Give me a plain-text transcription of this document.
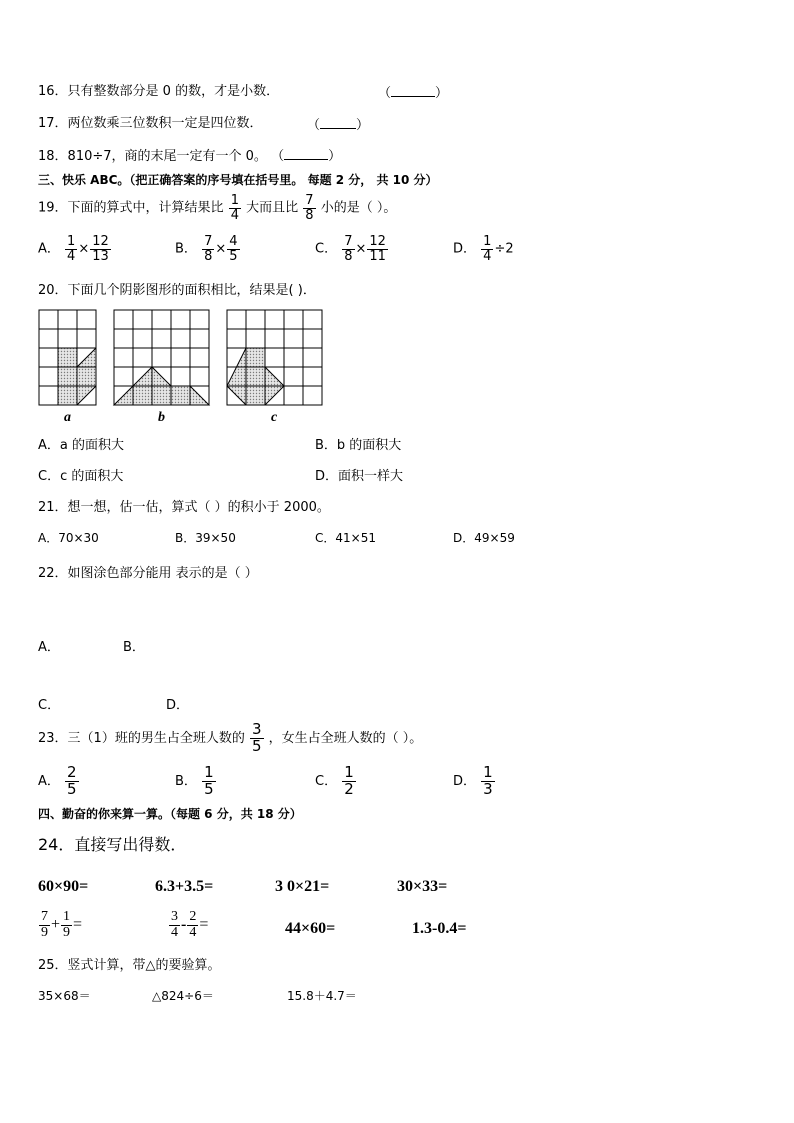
16．只有整数部分是 0 的数，才是小数．	（	）
17．两位数乘三位数积一定是四位数．	（	）
18．810÷7，商的末尾一定有一个 0。 （	）
三、快乐 ABC。（把正确答案的序号填在括号里。 每题 2 分， 共 10 分）
19．下面的算式中，计算结果比 $\frac{1}{4}$ 大而且比 $\frac{7}{8}$ 小的是（ ）。
A． $\frac{1}{4} \times \frac{12}{13}$	B． $\frac{7}{8} \times \frac{4}{5}$	C． $\frac{7}{8} \times \frac{12}{11}$	D． $\frac{1}{4} \div 2$
20．下面几个阴影图形的面积相比，结果是( )．
a	b	c
A．a 的面积大	B．b 的面积大
C．c 的面积大	D．面积一样大
21．想一想，估一估，算式（ ）的积小于 2000。
A．70×30	B．39×50	C．41×51	D．49×59
22．如图涂色部分能用 表示的是（ ）
A．	B．
C．	D．
23．三（1）班的男生占全班人数的 $\frac{3}{5}$ ，女生占全班人数的（ ）。
A． $\frac{2}{5}$	B． $\frac{1}{5}$	C． $\frac{1}{2}$	D． $\frac{1}{3}$
四、勤奋的你来算一算。（每题 6 分，共 18 分）
24．直接写出得数．
60×90=	6.3+3.5=	3 0×21=	30×33=
$\frac{7}{9} + \frac{1}{9}$ =	$\frac{3}{4} - \frac{2}{4}$ =	44×60=	1.3-0.4=
25．竖式计算，带△的要验算。
35×68＝	△824÷6＝	15.8＋4.7＝
